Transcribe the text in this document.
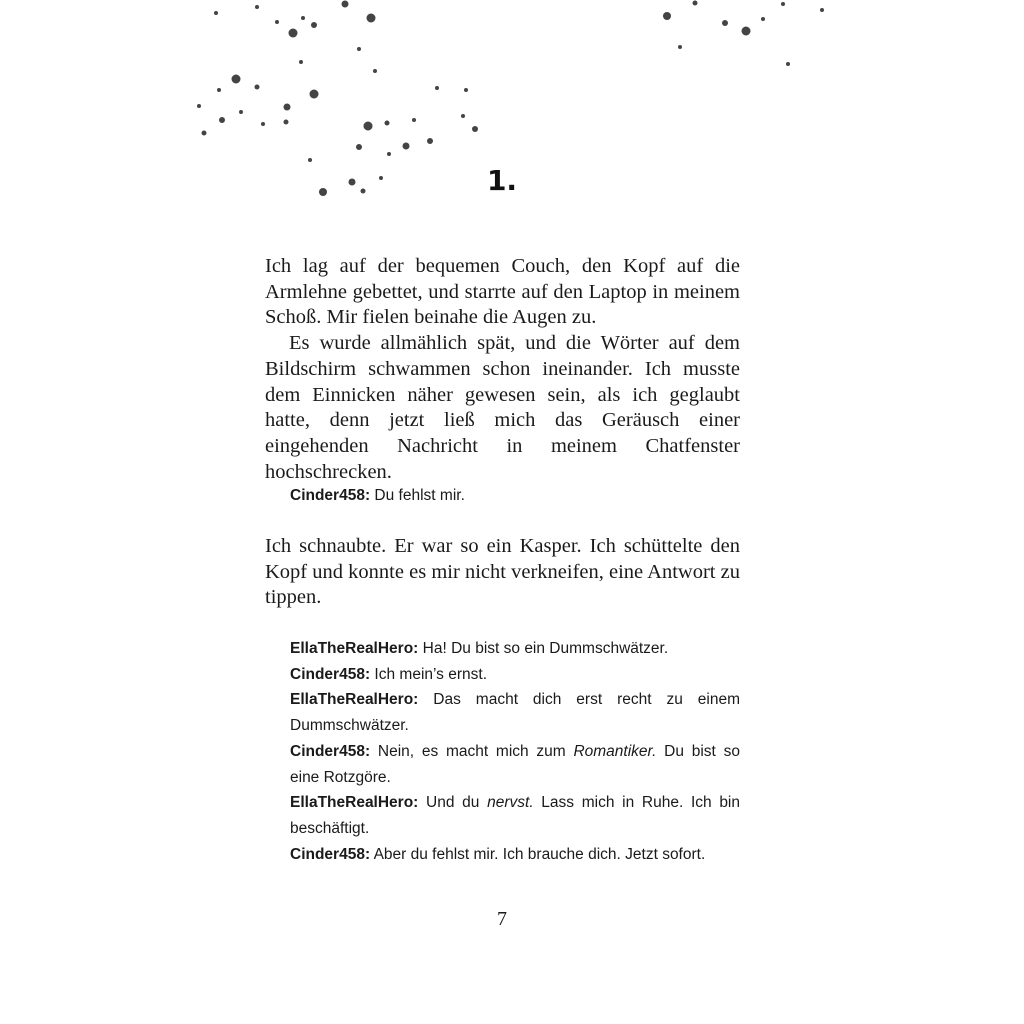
1.

Ich lag auf der bequemen Couch, den Kopf auf die Armlehne gebettet, und starrte auf den Laptop in meinem Schoß. Mir fielen beinahe die Augen zu.

Es wurde allmählich spät, und die Wörter auf dem Bildschirm schwammen schon ineinander. Ich musste dem Einnicken näher gewesen sein, als ich geglaubt hatte, denn jetzt ließ mich das Geräusch einer eingehenden Nachricht in meinem Chatfenster hochschrecken.

Cinder458: Du fehlst mir.

Ich schnaubte. Er war so ein Kasper. Ich schüttelte den Kopf und konnte es mir nicht verkneifen, eine Antwort zu tippen.

EllaTheRealHero: Ha! Du bist so ein Dummschwätzer.
Cinder458: Ich mein’s ernst.
EllaTheRealHero: Das macht dich erst recht zu einem Dummschwätzer.
Cinder458: Nein, es macht mich zum Romantiker. Du bist so eine Rotzgöre.
EllaTheRealHero: Und du nervst. Lass mich in Ruhe. Ich bin beschäftigt.
Cinder458: Aber du fehlst mir. Ich brauche dich. Jetzt sofort.
7
